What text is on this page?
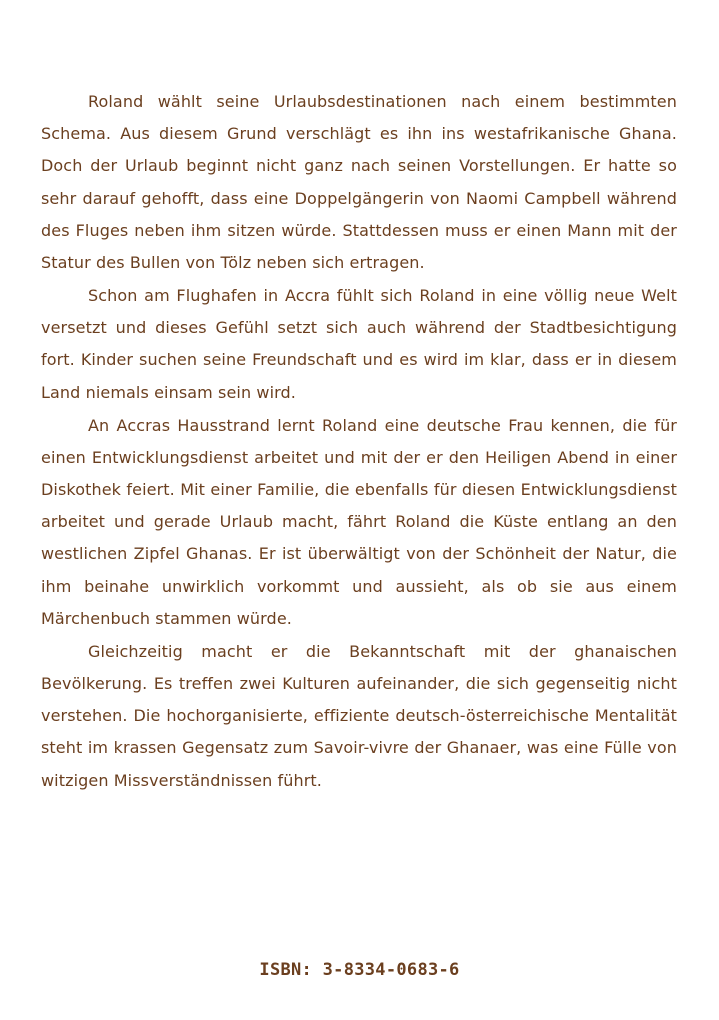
Roland wählt seine Urlaubsdestinationen nach einem bestimmten Schema. Aus diesem Grund verschlägt es ihn ins westafrikanische Ghana. Doch der Urlaub beginnt nicht ganz nach seinen Vorstellungen. Er hatte so sehr darauf gehofft, dass eine Doppelgängerin von Naomi Campbell während des Fluges neben ihm sitzen würde. Stattdessen muss er einen Mann mit der Statur des Bullen von Tölz neben sich ertragen.

Schon am Flughafen in Accra fühlt sich Roland in eine völlig neue Welt versetzt und dieses Gefühl setzt sich auch während der Stadtbesichtigung fort. Kinder suchen seine Freundschaft und es wird im klar, dass er in diesem Land niemals einsam sein wird.

An Accras Hausstrand lernt Roland eine deutsche Frau kennen, die für einen Entwicklungsdienst arbeitet und mit der er den Heiligen Abend in einer Diskothek feiert. Mit einer Familie, die ebenfalls für diesen Entwicklungsdienst arbeitet und gerade Urlaub macht, fährt Roland die Küste entlang an den westlichen Zipfel Ghanas. Er ist überwältigt von der Schönheit der Natur, die ihm beinahe unwirklich vorkommt und aussieht, als ob sie aus einem Märchenbuch stammen würde.

Gleichzeitig macht er die Bekanntschaft mit der ghanaischen Bevölkerung. Es treffen zwei Kulturen aufeinander, die sich gegenseitig nicht verstehen. Die hochorganisierte, effiziente deutsch-österreichische Mentalität steht im krassen Gegensatz zum Savoir-vivre der Ghanaer, was eine Fülle von witzigen Missverständnissen führt.

ISBN: 3-8334-0683-6
